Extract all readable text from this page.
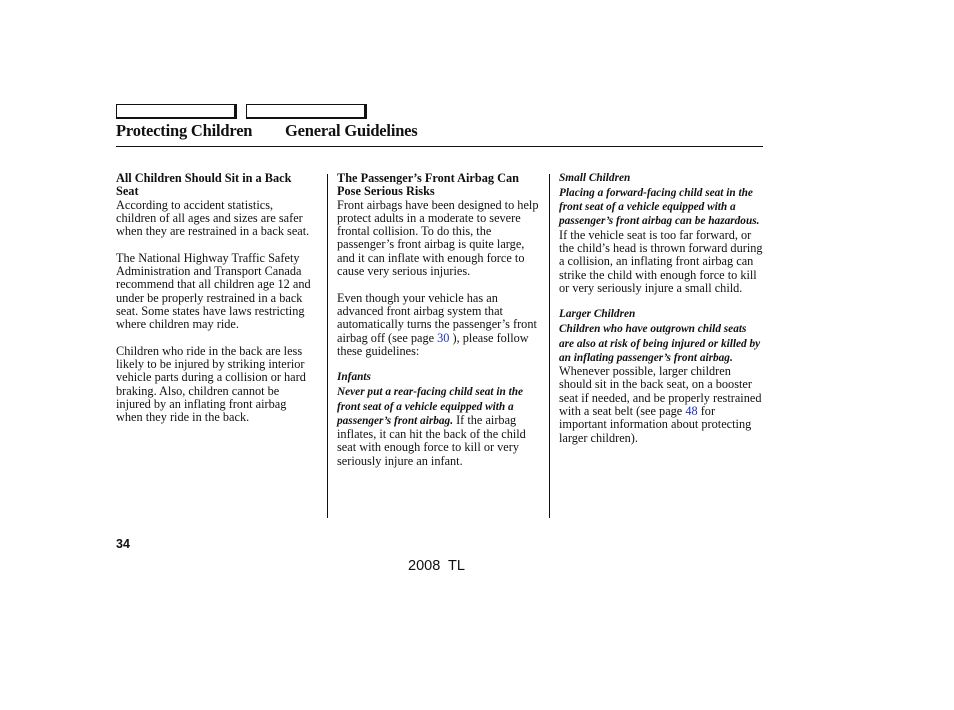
Protecting Children General Guidelines
All Children Should Sit in a Back Seat

According to accident statistics, children of all ages and sizes are safer when they are restrained in a back seat.

The National Highway Traffic Safety Administration and Transport Canada recommend that all children age 12 and under be properly restrained in a back seat. Some states have laws restricting where children may ride.

Children who ride in the back are less likely to be injured by striking interior vehicle parts during a collision or hard braking. Also, children cannot be injured by an inflating front airbag when they ride in the back.

The Passenger’s Front Airbag Can Pose Serious Risks

Front airbags have been designed to help protect adults in a moderate to severe frontal collision. To do this, the passenger’s front airbag is quite large, and it can inflate with enough force to cause very serious injuries.

Even though your vehicle has an advanced front airbag system that automatically turns the passenger’s front airbag off (see page 30 ), please follow these guidelines:

Infants

Never put a rear-facing child seat in the front seat of a vehicle equipped with a passenger’s front airbag. If the airbag inflates, it can hit the back of the child seat with enough force to kill or very seriously injure an infant.

Small Children

Placing a forward-facing child seat in the front seat of a vehicle equipped with a passenger’s front airbag can be hazardous. If the vehicle seat is too far forward, or the child’s head is thrown forward during a collision, an inflating front airbag can strike the child with enough force to kill or very seriously injure a small child.

Larger Children

Children who have outgrown child seats are also at risk of being injured or killed by an inflating passenger’s front airbag. Whenever possible, larger children should sit in the back seat, on a booster seat if needed, and be properly restrained with a seat belt (see page 48 for important information about protecting larger children).

34
2008  TL
